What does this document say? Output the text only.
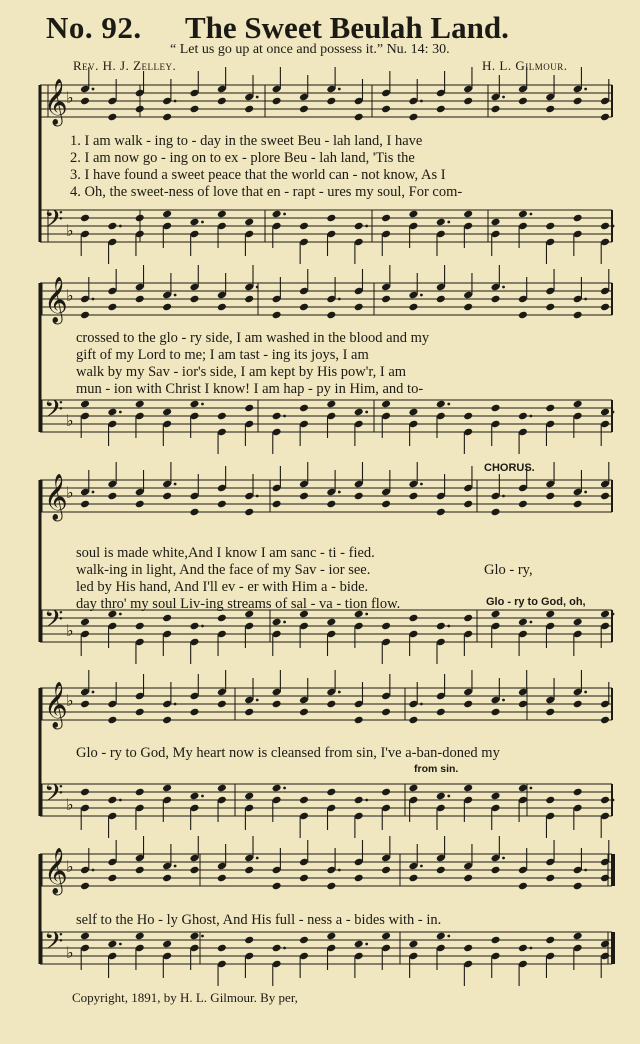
No. 92. The Sweet Beulah Land.
“ Let us go up at once and possess it.” Nu. 14: 30.
Rev. H. J. Zelley.	H. L. Gilmour.
𝄞
♭
𝄢 ♭
𝄞
♭
𝄢 ♭
𝄞
♭
𝄢 ♭
𝄞
♭
𝄢 ♭
𝄞
♭
𝄢 ♭
1. I am walk - ing to - day in the sweet Beu - lah land, I have
2. I am now go - ing on to ex - plore Beu - lah land, 'Tis the
3. I have found a sweet peace that the world can - not know, As I
4. Oh, the sweet-ness of love that en - rapt - ures my soul, For com-
crossed to the glo - ry side, I am washed in the blood and my
gift of my Lord to me; I am tast - ing its joys, I am
walk by my Sav - ior's side, I am kept by His pow'r, I am
mun - ion with Christ I know! I am hap - py in Him, and to-
soul is made white,And I know I am sanc - ti - fied.
walk-ing in light, And the face of my Sav - ior see.
led by His hand, And I'll ev - er with Him a - bide.
day thro' my soul Liv-ing streams of sal - va - tion flow.
CHORUS.
Glo - ry,
Glo - ry to God, oh,
Glo - ry to God, My heart now is cleansed from sin, I've a-ban-doned my
from sin.
self to the Ho - ly Ghost, And His full - ness a - bides with - in.
Copyright, 1891, by H. L. Gilmour. By per,
